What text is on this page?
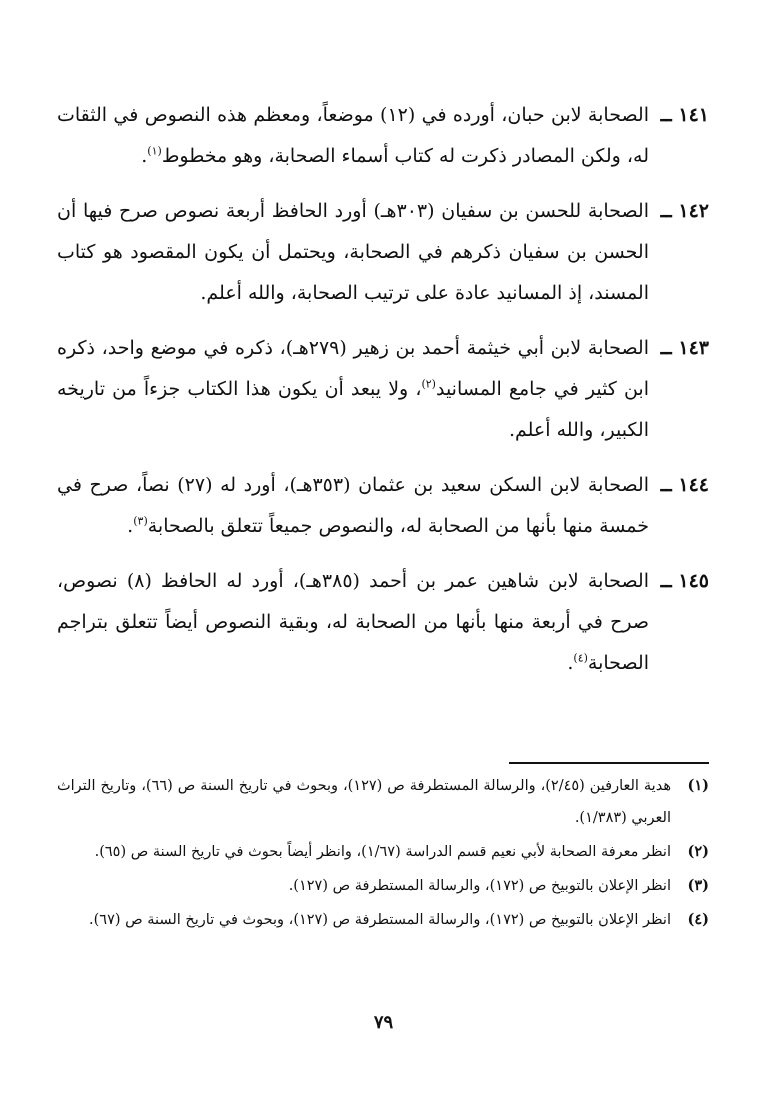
١٤١ ــ
الصحابة لابن حبان، أورده في (١٢) موضعاً، ومعظم هذه النصوص في الثقات له، ولكن المصادر ذكرت له كتاب أسماء الصحابة، وهو مخطوط$^{(١)}$.
١٤٢ ــ
الصحابة للحسن بن سفيان (٣٠٣هـ) أورد الحافظ أربعة نصوص صرح فيها أن الحسن بن سفيان ذكرهم في الصحابة، ويحتمل أن يكون المقصود هو كتاب المسند، إذ المسانيد عادة على ترتيب الصحابة، والله أعلم.
١٤٣ ــ
الصحابة لابن أبي خيثمة أحمد بن زهير (٢٧٩هـ)، ذكره في موضع واحد، ذكره ابن كثير في جامع المسانيد$^{(٢)}$، ولا يبعد أن يكون هذا الكتاب جزءاً من تاريخه الكبير، والله أعلم.
١٤٤ ــ
الصحابة لابن السكن سعيد بن عثمان (٣٥٣هـ)، أورد له (٢٧) نصاً، صرح في خمسة منها بأنها من الصحابة له، والنصوص جميعاً تتعلق بالصحابة$^{(٣)}$.
١٤٥ ــ
الصحابة لابن شاهين عمر بن أحمد (٣٨٥هـ)، أورد له الحافظ (٨) نصوص، صرح في أربعة منها بأنها من الصحابة له، وبقية النصوص أيضاً تتعلق بتراجم الصحابة$^{(٤)}$.
(١)
هدية العارفين (٢/٤٥)، والرسالة المستطرفة ص (١٢٧)، وبحوث في تاريخ السنة ص (٦٦)، وتاريخ التراث العربي (١/٣٨٣).
(٢)
انظر معرفة الصحابة لأبي نعيم قسم الدراسة (١/٦٧)، وانظر أيضاً بحوث في تاريخ السنة ص (٦٥).
(٣)
انظر الإعلان بالتوبيخ ص (١٧٢)، والرسالة المستطرفة ص (١٢٧).
(٤)
انظر الإعلان بالتوبيخ ص (١٧٢)، والرسالة المستطرفة ص (١٢٧)، وبحوث في تاريخ السنة ص (٦٧).
٧٩
